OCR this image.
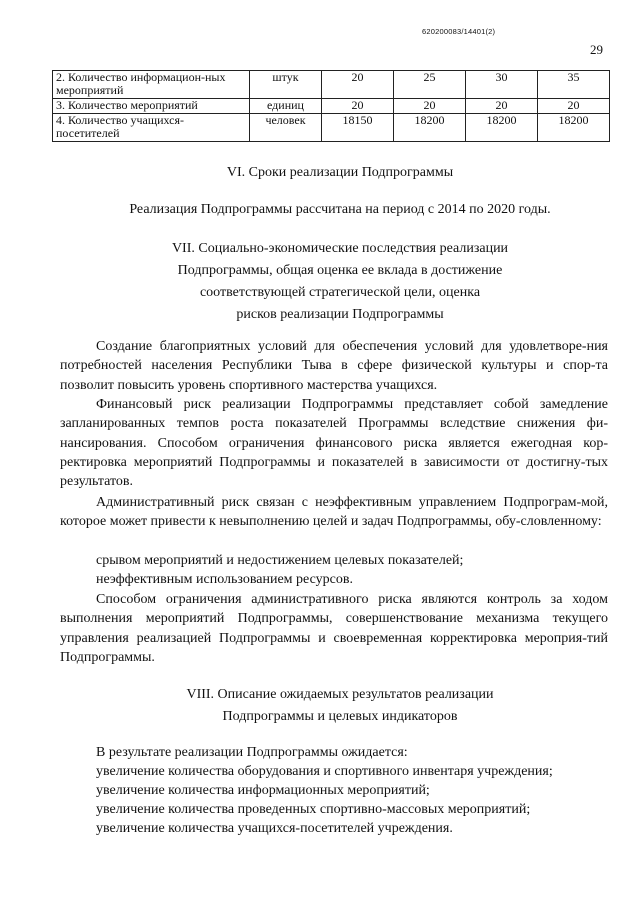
620200083/14401(2)
29
2. Количество информацион-ных мероприятий	штук	20	25	30	35
3. Количество мероприятий	единиц	20	20	20	20
4. Количество учащихся-посетителей	человек	18150	18200	18200	18200
VI. Сроки реализации Подпрограммы
Реализация Подпрограммы рассчитана на период с 2014 по 2020 годы.
VII. Социально-экономические последствия реализации
Подпрограммы, общая оценка ее вклада в достижение
соответствующей стратегической цели, оценка
рисков реализации Подпрограммы

Создание благоприятных условий для обеспечения условий для удовлетворе-ния потребностей населения Республики Тыва в сфере физической культуры и спор-та позволит повысить уровень спортивного мастерства учащихся.

Финансовый риск реализации Подпрограммы представляет собой замедление запланированных темпов роста показателей Программы вследствие снижения фи-нансирования. Способом ограничения финансового риска является ежегодная кор-ректировка мероприятий Подпрограммы и показателей в зависимости от достигну-тых результатов.

Административный риск связан с неэффективным управлением Подпрограм-мой, которое может привести к невыполнению целей и задач Подпрограммы, обу-словленному:

срывом мероприятий и недостижением целевых показателей;
неэффективным использованием ресурсов.

Способом ограничения административного риска являются контроль за ходом выполнения мероприятий Подпрограммы, совершенствование механизма текущего управления реализацией Подпрограммы и своевременная корректировка мероприя-тий Подпрограммы.

VIII. Описание ожидаемых результатов реализации
Подпрограммы и целевых индикаторов
В результате реализации Подпрограммы ожидается:
увеличение количества оборудования и спортивного инвентаря учреждения;
увеличение количества информационных мероприятий;
увеличение количества проведенных спортивно-массовых мероприятий;
увеличение количества учащихся-посетителей учреждения.
